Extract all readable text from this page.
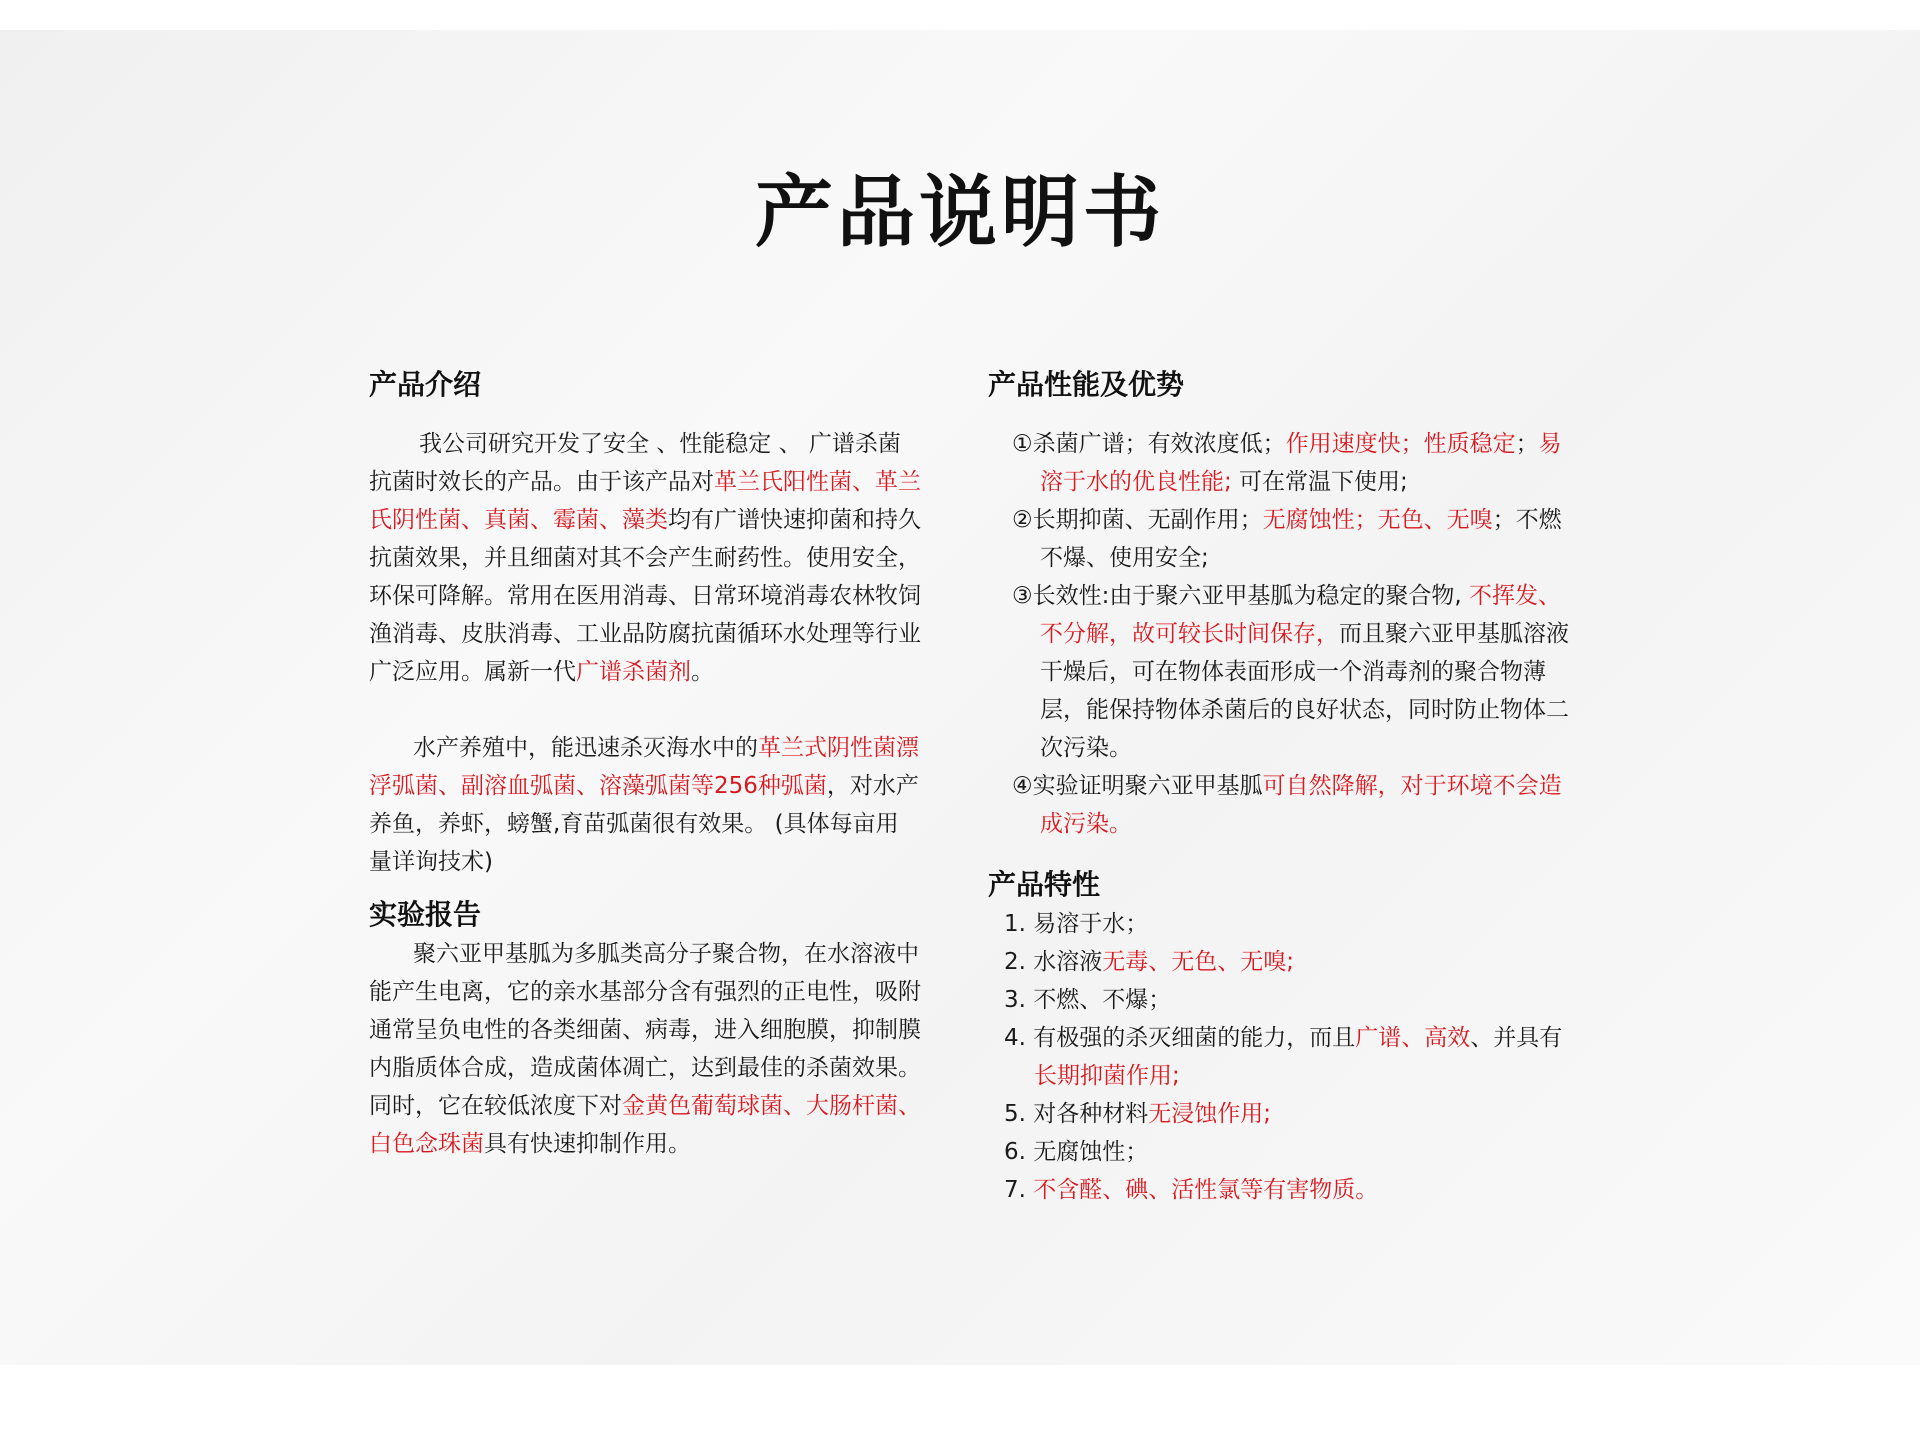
产品说明书
产品介绍

我公司研究开发了安全 、性能稳定 、 广谱杀菌抗菌时效长的产品。由于该产品对革兰氏阳性菌、革兰氏阴性菌、真菌、霉菌、藻类均有广谱快速抑菌和持久抗菌效果，并且细菌对其不会产生耐药性。使用安全，环保可降解。常用在医用消毒、日常环境消毒农林牧饲渔消毒、皮肤消毒、工业品防腐抗菌循环水处理等行业广泛应用。属新一代广谱杀菌剂。

水产养殖中，能迅速杀灭海水中的革兰式阴性菌漂浮弧菌、副溶血弧菌、溶藻弧菌等256种弧菌，对水产养鱼，养虾，螃蟹,育苗弧菌很有效果。 (具体每亩用量详询技术)

实验报告

聚六亚甲基胍为多胍类高分子聚合物，在水溶液中能产生电离，它的亲水基部分含有强烈的正电性，吸附通常呈负电性的各类细菌、病毒，进入细胞膜，抑制膜内脂质体合成，造成菌体凋亡，达到最佳的杀菌效果。同时，它在较低浓度下对金黄色葡萄球菌、大肠杆菌、白色念珠菌具有快速抑制作用。

产品性能及优势
①杀菌广谱；有效浓度低；作用速度快；性质稳定；易溶于水的优良性能; 可在常温下使用;
②长期抑菌、无副作用；无腐蚀性；无色、无嗅；不燃不爆、使用安全;
③长效性:由于聚六亚甲基胍为稳定的聚合物, 不挥发、不分解，故可较长时间保存，而且聚六亚甲基胍溶液干燥后，可在物体表面形成一个消毒剂的聚合物薄层，能保持物体杀菌后的良好状态，同时防止物体二次污染。
④实验证明聚六亚甲基胍可自然降解，对于环境不会造成污染。
产品特性

1. 易溶于水；

2. 水溶液无毒、无色、无嗅;

3. 不燃、不爆；

4. 有极强的杀灭细菌的能力，而且广谱、高效、并具有长期抑菌作用;

5. 对各种材料无浸蚀作用;

6. 无腐蚀性；

7. 不含醛、碘、活性氯等有害物质。
